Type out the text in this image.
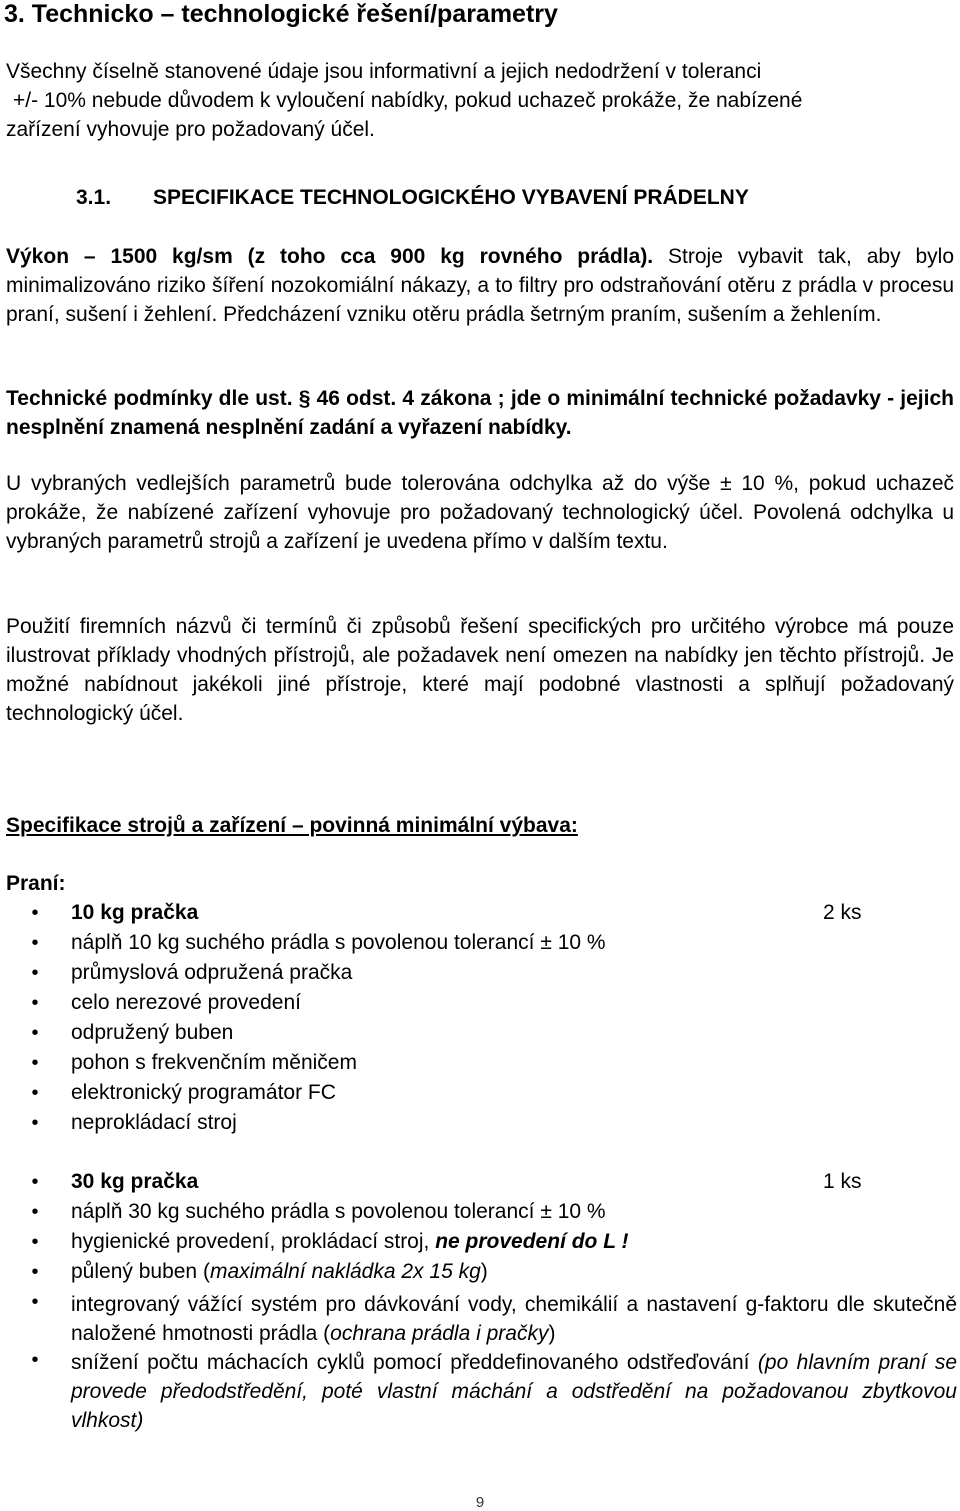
3. Technicko – technologické řešení/parametry
Všechny číselně stanovené údaje jsou informativní a jejich nedodržení v toleranci
+/- 10% nebude důvodem k vyloučení nabídky, pokud uchazeč prokáže, že nabízené
zařízení vyhovuje pro požadovaný účel.
3.1. SPECIFIKACE TECHNOLOGICKÉHO VYBAVENÍ PRÁDELNY
Výkon – 1500 kg/sm (z toho cca 900 kg rovného prádla). Stroje vybavit tak, aby bylo minimalizováno riziko šíření nozokomiální nákazy, a to filtry pro odstraňování otěru z prádla v procesu praní, sušení i žehlení. Předcházení vzniku otěru prádla šetrným praním, sušením a žehlením.
Technické podmínky dle ust. § 46 odst. 4 zákona ; jde o minimální technické požadavky - jejich nesplnění znamená nesplnění zadání a vyřazení nabídky.
U vybraných vedlejších parametrů bude tolerována odchylka až do výše ± 10 %, pokud uchazeč prokáže, že nabízené zařízení vyhovuje pro požadovaný technologický účel. Povolená odchylka u vybraných parametrů strojů a zařízení je uvedena přímo v dalším textu.
Použití firemních názvů či termínů či způsobů řešení specifických pro určitého výrobce má pouze ilustrovat příklady vhodných přístrojů, ale požadavek není omezen na nabídky jen těchto přístrojů. Je možné nabídnout jakékoli jiné přístroje, které mají podobné vlastnosti a splňují požadovaný technologický účel.
Specifikace strojů a zařízení – povinná minimální výbava:
Praní:
• 10 kg pračka	2 ks
• náplň 10 kg suchého prádla s povolenou tolerancí ± 10 %
• průmyslová odpružená pračka
• celo nerezové provedení
• odpružený buben
• pohon s frekvenčním měničem
• elektronický programátor FC
• neprokládací stroj
• 30 kg pračka	1 ks
• náplň 30 kg suchého prádla s povolenou tolerancí ± 10 %
• hygienické provedení, prokládací stroj, ne provedení do L !
• půlený buben (maximální nakládka 2x 15 kg)
• integrovaný vážící systém pro dávkování vody, chemikálií a nastavení g-faktoru dle skutečně naložené hmotnosti prádla (ochrana prádla i pračky)
• snížení počtu máchacích cyklů pomocí předdefinovaného odstřeďování (po hlavním praní se provede předodstředění, poté vlastní máchání a odstředění na požadovanou zbytkovou vlhkost)
9
